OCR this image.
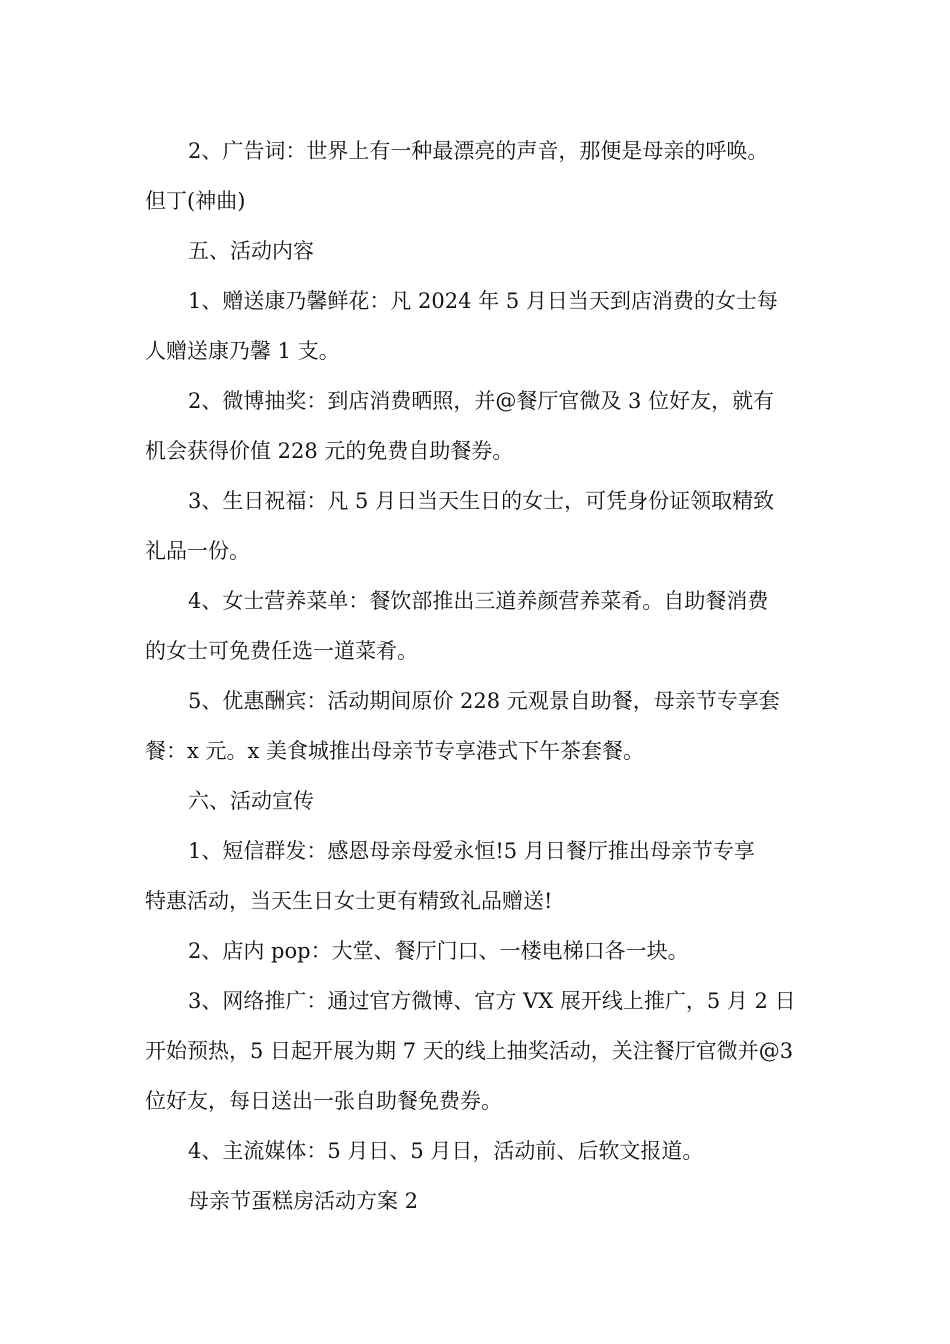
2、广告词：世界上有一种最漂亮的声音，那便是母亲的呼唤。
但丁(神曲)
五、活动内容
1、赠送康乃馨鲜花：凡 2024 年 5 月日当天到店消费的女士每
人赠送康乃馨 1 支。
2、微博抽奖：到店消费晒照，并@餐厅官微及 3 位好友，就有
机会获得价值 228 元的免费自助餐券。
3、生日祝福：凡 5 月日当天生日的女士，可凭身份证领取精致
礼品一份。
4、女士营养菜单：餐饮部推出三道养颜营养菜肴。自助餐消费
的女士可免费任选一道菜肴。
5、优惠酬宾：活动期间原价 228 元观景自助餐，母亲节专享套
餐：x 元。x 美食城推出母亲节专享港式下午茶套餐。
六、活动宣传
1、短信群发：感恩母亲母爱永恒!5 月日餐厅推出母亲节专享
特惠活动，当天生日女士更有精致礼品赠送!
2、店内 pop：大堂、餐厅门口、一楼电梯口各一块。
3、网络推广：通过官方微博、官方 VX 展开线上推广，5 月 2 日
开始预热，5 日起开展为期 7 天的线上抽奖活动，关注餐厅官微并@3
位好友，每日送出一张自助餐免费券。
4、主流媒体：5 月日、5 月日，活动前、后软文报道。
母亲节蛋糕房活动方案 2
